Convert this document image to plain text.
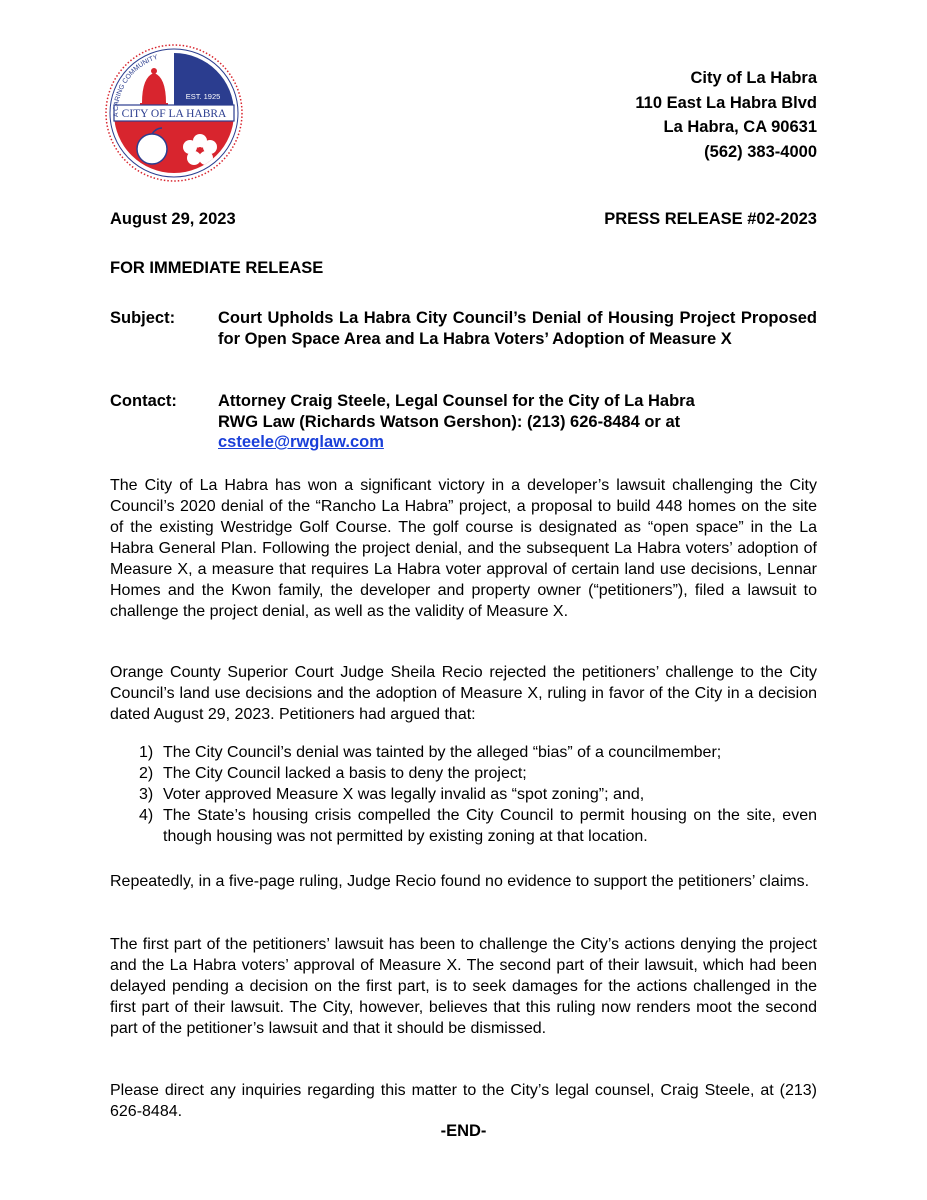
CITY OF LA HABRA
EST. 1925
A CARING COMMUNITY
City of La Habra
110 East La Habra Blvd
La Habra, CA 90631
(562) 383-4000
August 29, 2023	PRESS RELEASE #02-2023
FOR IMMEDIATE RELEASE
Subject:	Court Upholds La Habra City Council’s Denial of Housing Project Proposed for Open Space Area and La Habra Voters’ Adoption of Measure X
Contact:	Attorney Craig Steele, Legal Counsel for the City of La Habra
RWG Law (Richards Watson Gershon): (213) 626-8484 or at
csteele@rwglaw.com
The City of La Habra has won a significant victory in a developer’s lawsuit challenging the City Council’s 2020 denial of the “Rancho La Habra” project, a proposal to build 448 homes on the site of the existing Westridge Golf Course. The golf course is designated as “open space” in the La Habra General Plan. Following the project denial, and the subsequent La Habra voters’ adoption of Measure X, a measure that requires La Habra voter approval of certain land use decisions, Lennar Homes and the Kwon family, the developer and property owner (“petitioners”), filed a lawsuit to challenge the project denial, as well as the validity of Measure X.
Orange County Superior Court Judge Sheila Recio rejected the petitioners’ challenge to the City Council’s land use decisions and the adoption of Measure X, ruling in favor of the City in a decision dated August 29, 2023. Petitioners had argued that:
1) The City Council’s denial was tainted by the alleged “bias” of a councilmember;
2) The City Council lacked a basis to deny the project;
3) Voter approved Measure X was legally invalid as “spot zoning”; and,
4) The State’s housing crisis compelled the City Council to permit housing on the site, even though housing was not permitted by existing zoning at that location.
Repeatedly, in a five-page ruling, Judge Recio found no evidence to support the petitioners’ claims.
The first part of the petitioners’ lawsuit has been to challenge the City’s actions denying the project and the La Habra voters’ approval of Measure X. The second part of their lawsuit, which had been delayed pending a decision on the first part, is to seek damages for the actions challenged in the first part of their lawsuit. The City, however, believes that this ruling now renders moot the second part of the petitioner’s lawsuit and that it should be dismissed.
Please direct any inquiries regarding this matter to the City’s legal counsel, Craig Steele, at (213) 626-8484.
-END-
